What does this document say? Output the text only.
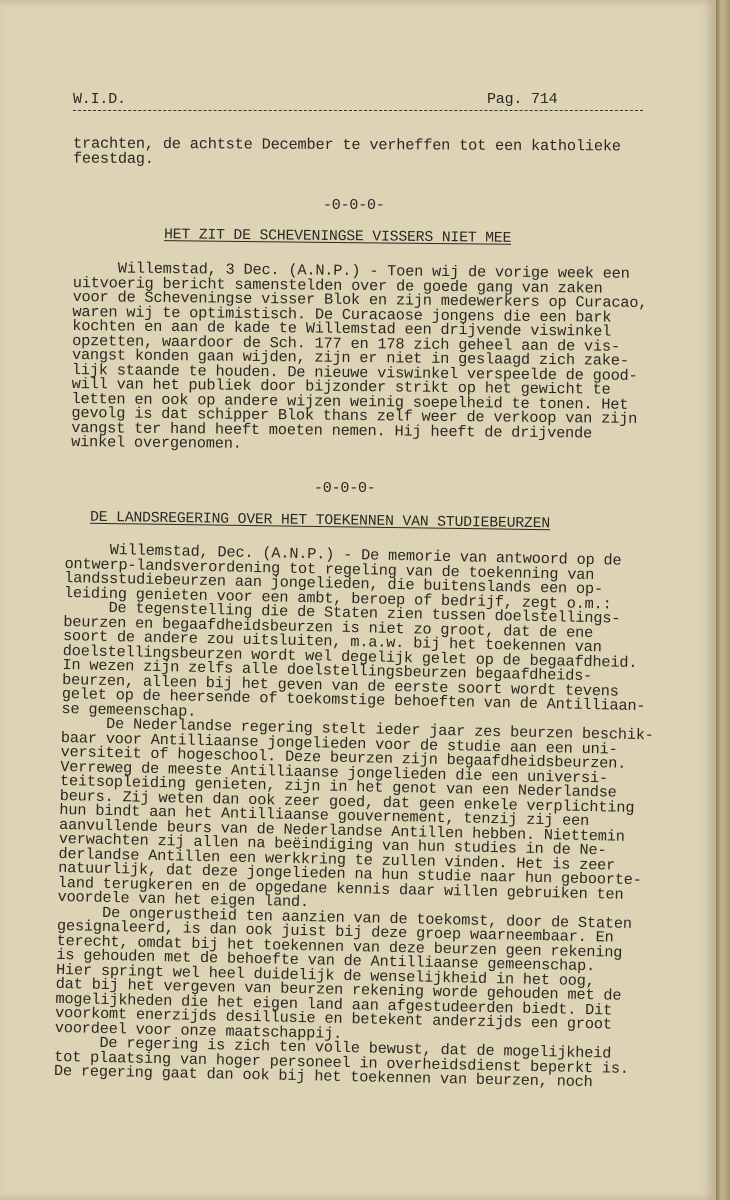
W.I.D.	Pag. 714
trachten, de achtste December te verheffen tot een katholieke
feestdag.
-0-0-0-
HET ZIT DE SCHEVENINGSE VISSERS NIET MEE
Willemstad, 3 Dec. (A.N.P.) - Toen wij de vorige week een
uitvoerig bericht samenstelden over de goede gang van zaken
voor de Scheveningse visser Blok en zijn medewerkers op Curacao,
waren wij te optimistisch. De Curacaose jongens die een bark
kochten en aan de kade te Willemstad een drijvende viswinkel
opzetten, waardoor de Sch. 177 en 178 zich geheel aan de vis-
vangst konden gaan wijden, zijn er niet in geslaagd zich zake-
lijk staande te houden. De nieuwe viswinkel verspeelde de good-
will van het publiek door bijzonder strikt op het gewicht te
letten en ook op andere wijzen weinig soepelheid te tonen. Het
gevolg is dat schipper Blok thans zelf weer de verkoop van zijn
vangst ter hand heeft moeten nemen. Hij heeft de drijvende
winkel overgenomen.
-0-0-0-
DE LANDSREGERING OVER HET TOEKENNEN VAN STUDIEBEURZEN
Willemstad, Dec. (A.N.P.) - De memorie van antwoord op de
ontwerp-landsverordening tot regeling van de toekenning van
landsstudiebeurzen aan jongelieden, die buitenslands een op-
leiding genieten voor een ambt, beroep of bedrijf, zegt o.m.:
De tegenstelling die de Staten zien tussen doelstellings-
beurzen en begaafdheidsbeurzen is niet zo groot, dat de ene
soort de andere zou uitsluiten, m.a.w. bij het toekennen van
doelstellingsbeurzen wordt wel degelijk gelet op de begaafdheid.
In wezen zijn zelfs alle doelstellingsbeurzen begaafdheids-
beurzen, alleen bij het geven van de eerste soort wordt tevens
gelet op de heersende of toekomstige behoeften van de Antilliaan-
se gemeenschap.
De Nederlandse regering stelt ieder jaar zes beurzen beschik-
baar voor Antilliaanse jongelieden voor de studie aan een uni-
versiteit of hogeschool. Deze beurzen zijn begaafdheidsbeurzen.
Verreweg de meeste Antilliaanse jongelieden die een universi-
teitsopleiding genieten, zijn in het genot van een Nederlandse
beurs. Zij weten dan ook zeer goed, dat geen enkele verplichting
hun bindt aan het Antilliaanse gouvernement, tenzij zij een
aanvullende beurs van de Nederlandse Antillen hebben. Niettemin
verwachten zij allen na beëindiging van hun studies in de Ne-
derlandse Antillen een werkkring te zullen vinden. Het is zeer
natuurlijk, dat deze jongelieden na hun studie naar hun geboorte-
land terugkeren en de opgedane kennis daar willen gebruiken ten
voordele van het eigen land.
De ongerustheid ten aanzien van de toekomst, door de Staten
gesignaleerd, is dan ook juist bij deze groep waarneembaar. En
terecht, omdat bij het toekennen van deze beurzen geen rekening
is gehouden met de behoefte van de Antilliaanse gemeenschap.
Hier springt wel heel duidelijk de wenselijkheid in het oog,
dat bij het vergeven van beurzen rekening worde gehouden met de
mogelijkheden die het eigen land aan afgestudeerden biedt. Dit
voorkomt enerzijds desillusie en betekent anderzijds een groot
voordeel voor onze maatschappij.
De regering is zich ten volle bewust, dat de mogelijkheid
tot plaatsing van hoger personeel in overheidsdienst beperkt is.
De regering gaat dan ook bij het toekennen van beurzen, noch
